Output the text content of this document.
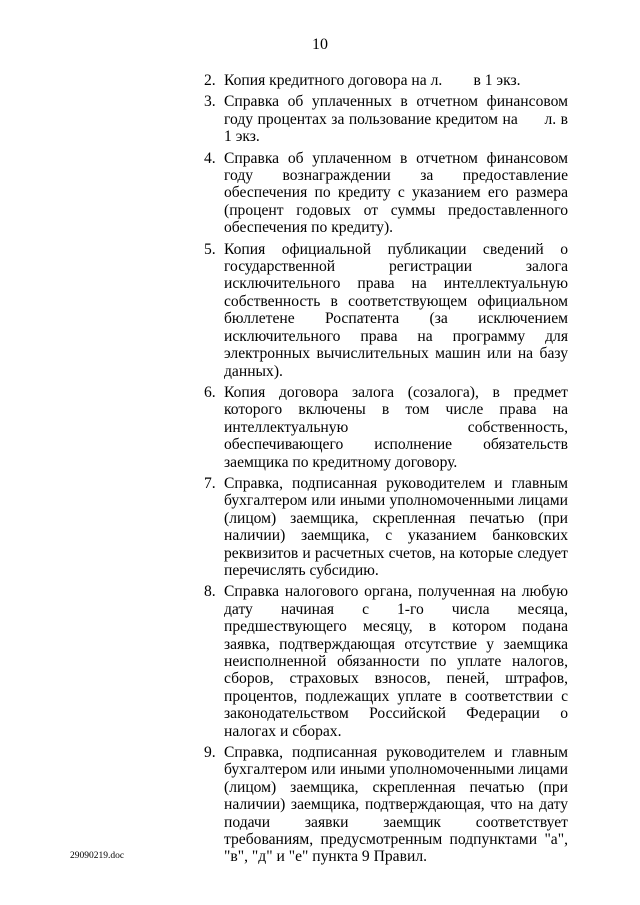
10
2. Копия кредитного договора на л.        в 1 экз.
3. Справка об уплаченных в отчетном финансовом году процентах за пользование кредитом на      л. в 1 экз.
4. Справка об уплаченном в отчетном финансовом году вознаграждении за предоставление обеспечения по кредиту с указанием его размера (процент годовых от суммы предоставленного обеспечения по кредиту).
5. Копия официальной публикации сведений о государственной регистрации залога исключительного права на интеллектуальную собственность в соответствующем официальном бюллетене Роспатента (за исключением исключительного права на программу для электронных вычислительных машин или на базу данных).
6. Копия договора залога (созалога), в предмет которого включены в том числе права на интеллектуальную собственность, обеспечивающего исполнение обязательств заемщика по кредитному договору.
7. Справка, подписанная руководителем и главным бухгалтером или иными уполномоченными лицами (лицом) заемщика, скрепленная печатью (при наличии) заемщика, с указанием банковских реквизитов и расчетных счетов, на которые следует перечислять субсидию.
8. Справка налогового органа, полученная на любую дату начиная с 1-го числа месяца, предшествующего месяцу, в котором подана заявка, подтверждающая отсутствие у заемщика неисполненной обязанности по уплате налогов, сборов, страховых взносов, пеней, штрафов, процентов, подлежащих уплате в соответствии с законодательством Российской Федерации о налогах и сборах.
9. Справка, подписанная руководителем и главным бухгалтером или иными уполномоченными лицами (лицом) заемщика, скрепленная печатью (при наличии) заемщика, подтверждающая, что на дату подачи заявки заемщик соответствует требованиям, предусмотренным подпунктами "а", "в", "д" и "е" пункта 9 Правил.
29090219.doc
